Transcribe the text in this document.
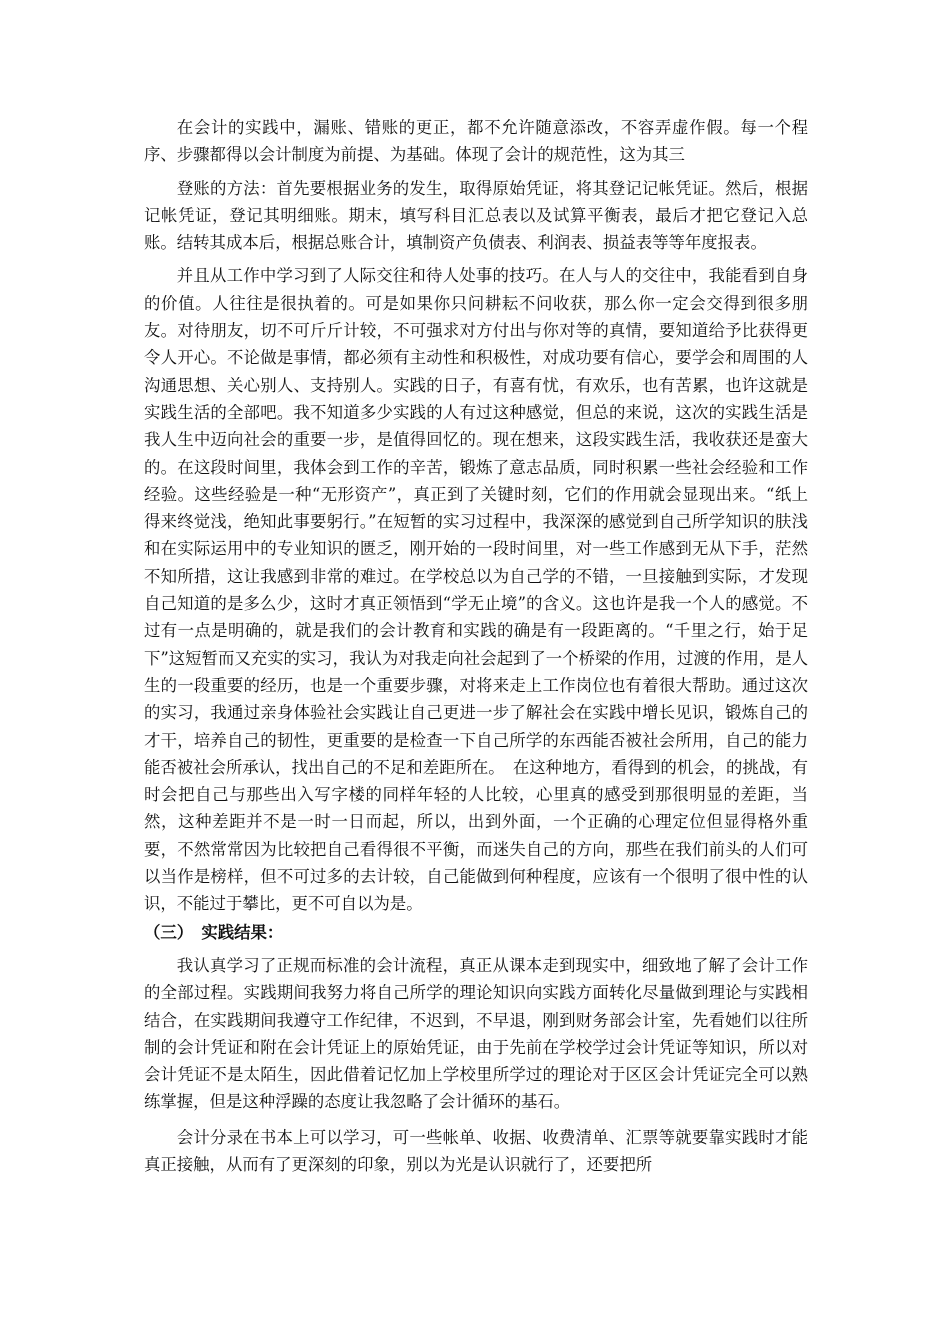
在会计的实践中，漏账、错账的更正，都不允许随意添改，不容弄虚作假。每一个程序、步骤都得以会计制度为前提、为基础。体现了会计的规范性，这为其三

登账的方法：首先要根据业务的发生，取得原始凭证，将其登记记帐凭证。然后，根据记帐凭证，登记其明细账。期末，填写科目汇总表以及试算平衡表，最后才把它登记入总账。结转其成本后，根据总账合计，填制资产负债表、利润表、损益表等等年度报表。

并且从工作中学习到了人际交往和待人处事的技巧。在人与人的交往中，我能看到自身的价值。人往往是很执着的。可是如果你只问耕耘不问收获，那么你一定会交得到很多朋友。对待朋友，切不可斤斤计较，不可强求对方付出与你对等的真情，要知道给予比获得更令人开心。不论做是事情，都必须有主动性和积极性，对成功要有信心，要学会和周围的人沟通思想、关心别人、支持别人。实践的日子，有喜有忧，有欢乐，也有苦累，也许这就是实践生活的全部吧。我不知道多少实践的人有过这种感觉，但总的来说，这次的实践生活是我人生中迈向社会的重要一步，是值得回忆的。现在想来，这段实践生活，我收获还是蛮大的。在这段时间里，我体会到工作的辛苦，锻炼了意志品质，同时积累一些社会经验和工作经验。这些经验是一种“无形资产”，真正到了关键时刻，它们的作用就会显现出来。“纸上得来终觉浅，绝知此事要躬行。”在短暂的实习过程中，我深深的感觉到自己所学知识的肤浅和在实际运用中的专业知识的匮乏，刚开始的一段时间里，对一些工作感到无从下手，茫然不知所措，这让我感到非常的难过。在学校总以为自己学的不错，一旦接触到实际，才发现自己知道的是多么少，这时才真正领悟到“学无止境”的含义。这也许是我一个人的感觉。不过有一点是明确的，就是我们的会计教育和实践的确是有一段距离的。“千里之行，始于足下”这短暂而又充实的实习，我认为对我走向社会起到了一个桥梁的作用，过渡的作用，是人生的一段重要的经历，也是一个重要步骤，对将来走上工作岗位也有着很大帮助。通过这次的实习，我通过亲身体验社会实践让自己更进一步了解社会在实践中增长见识，锻炼自己的才干，培养自己的韧性，更重要的是检查一下自己所学的东西能否被社会所用，自己的能力能否被社会所承认，找出自己的不足和差距所在。　在这种地方，看得到的机会，的挑战，有时会把自己与那些出入写字楼的同样年轻的人比较，心里真的感受到那很明显的差距，当然，这种差距并不是一时一日而起，所以，出到外面，一个正确的心理定位但显得格外重要，不然常常因为比较把自己看得很不平衡，而迷失自己的方向，那些在我们前头的人们可以当作是榜样，但不可过多的去计较，自己能做到何种程度，应该有一个很明了很中性的认识，不能过于攀比，更不可自以为是。

（三）　实践结果：

我认真学习了正规而标准的会计流程，真正从课本走到现实中，细致地了解了会计工作的全部过程。实践期间我努力将自己所学的理论知识向实践方面转化尽量做到理论与实践相结合，在实践期间我遵守工作纪律，不迟到，不早退，刚到财务部会计室，先看她们以往所制的会计凭证和附在会计凭证上的原始凭证，由于先前在学校学过会计凭证等知识，所以对会计凭证不是太陌生，因此借着记忆加上学校里所学过的理论对于区区会计凭证完全可以熟练掌握，但是这种浮躁的态度让我忽略了会计循环的基石。

会计分录在书本上可以学习，可一些帐单、收据、收费清单、汇票等就要靠实践时才能真正接触，从而有了更深刻的印象，别以为光是认识就行了，还要把所
